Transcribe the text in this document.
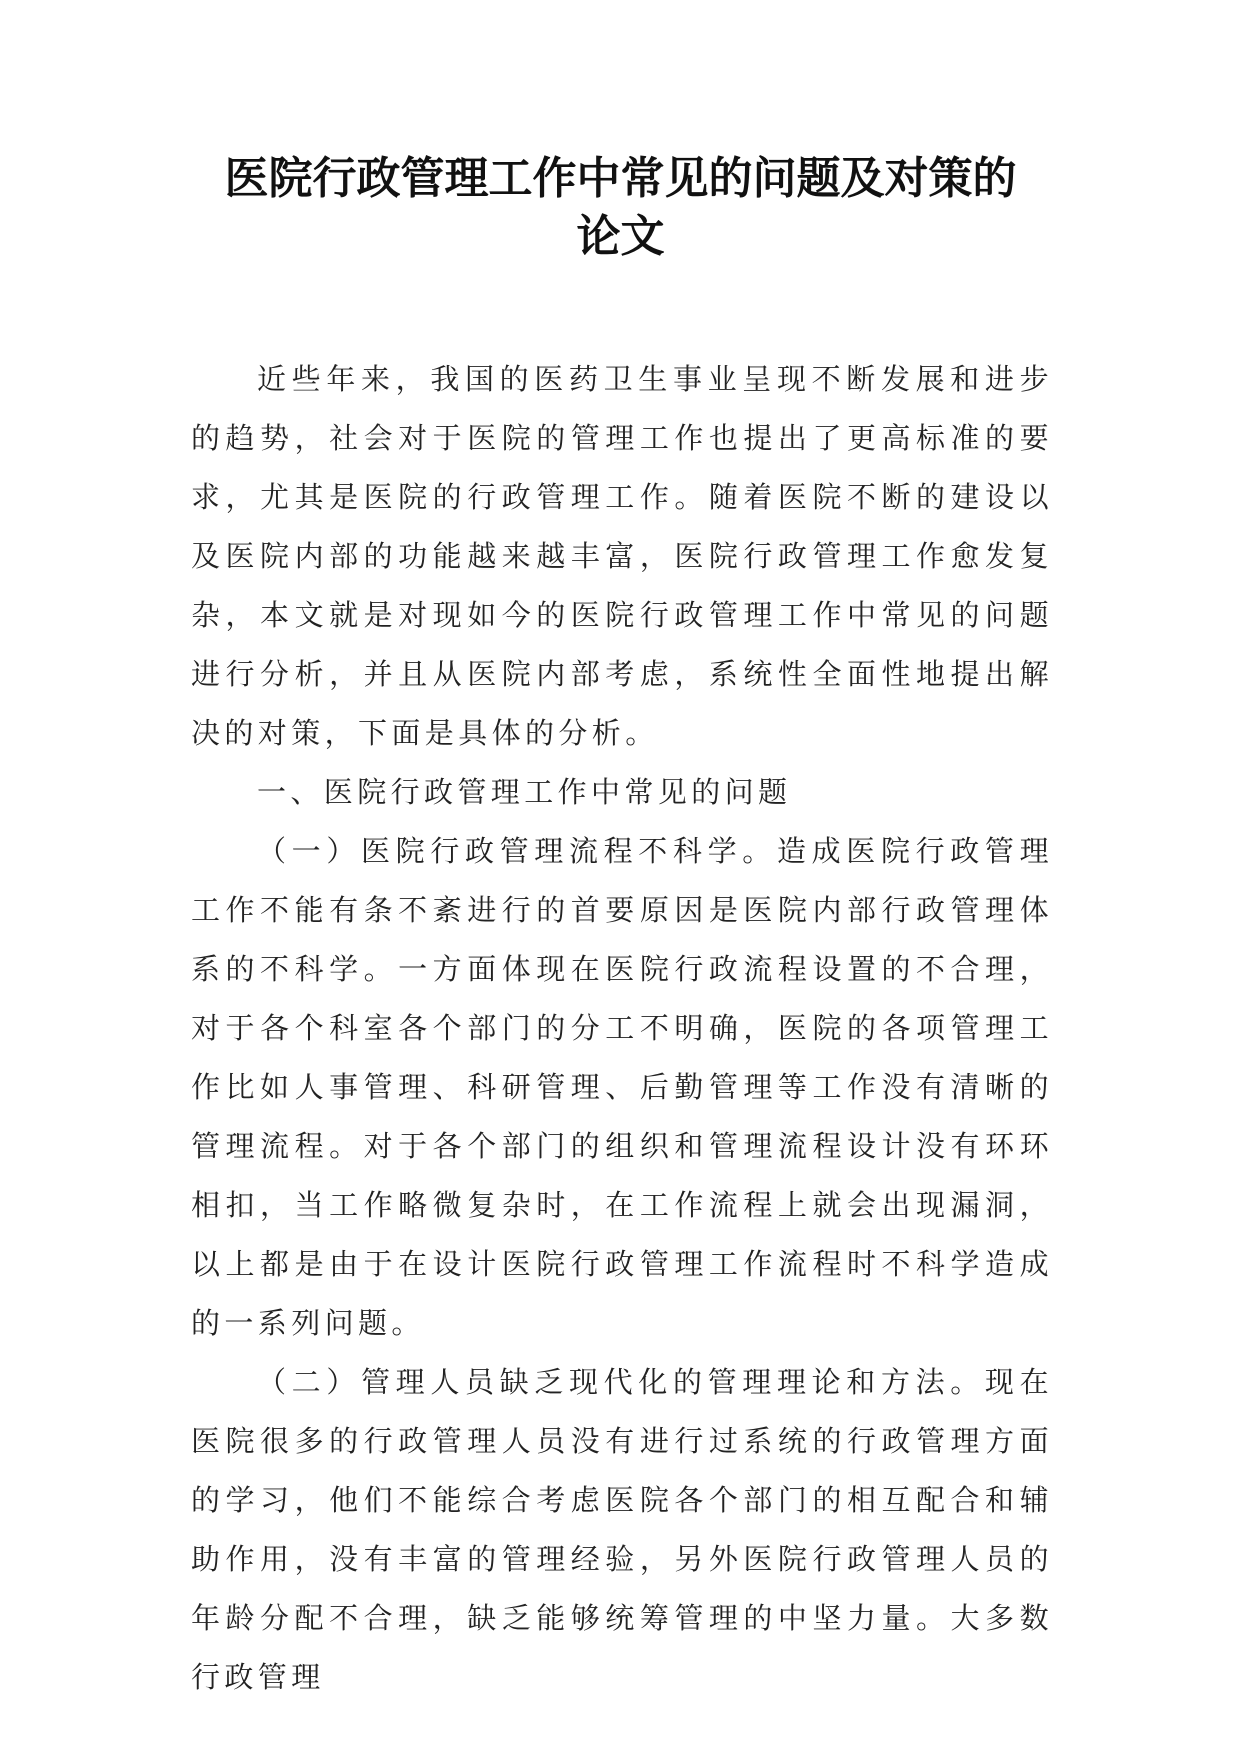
医院行政管理工作中常见的问题及对策的
论文

近些年来，我国的医药卫生事业呈现不断发展和进步的趋势，社会对于医院的管理工作也提出了更高标准的要求，尤其是医院的行政管理工作。随着医院不断的建设以及医院内部的功能越来越丰富，医院行政管理工作愈发复杂，本文就是对现如今的医院行政管理工作中常见的问题进行分析，并且从医院内部考虑，系统性全面性地提出解决的对策，下面是具体的分析。

一、医院行政管理工作中常见的问题

（一）医院行政管理流程不科学。造成医院行政管理工作不能有条不紊进行的首要原因是医院内部行政管理体系的不科学。一方面体现在医院行政流程设置的不合理，对于各个科室各个部门的分工不明确，医院的各项管理工作比如人事管理、科研管理、后勤管理等工作没有清晰的管理流程。对于各个部门的组织和管理流程设计没有环环相扣，当工作略微复杂时，在工作流程上就会出现漏洞，以上都是由于在设计医院行政管理工作流程时不科学造成的一系列问题。

（二）管理人员缺乏现代化的管理理论和方法。现在医院很多的行政管理人员没有进行过系统的行政管理方面的学习，他们不能综合考虑医院各个部门的相互配合和辅助作用，没有丰富的管理经验，另外医院行政管理人员的年龄分配不合理，缺乏能够统筹管理的中坚力量。大多数行政管理
